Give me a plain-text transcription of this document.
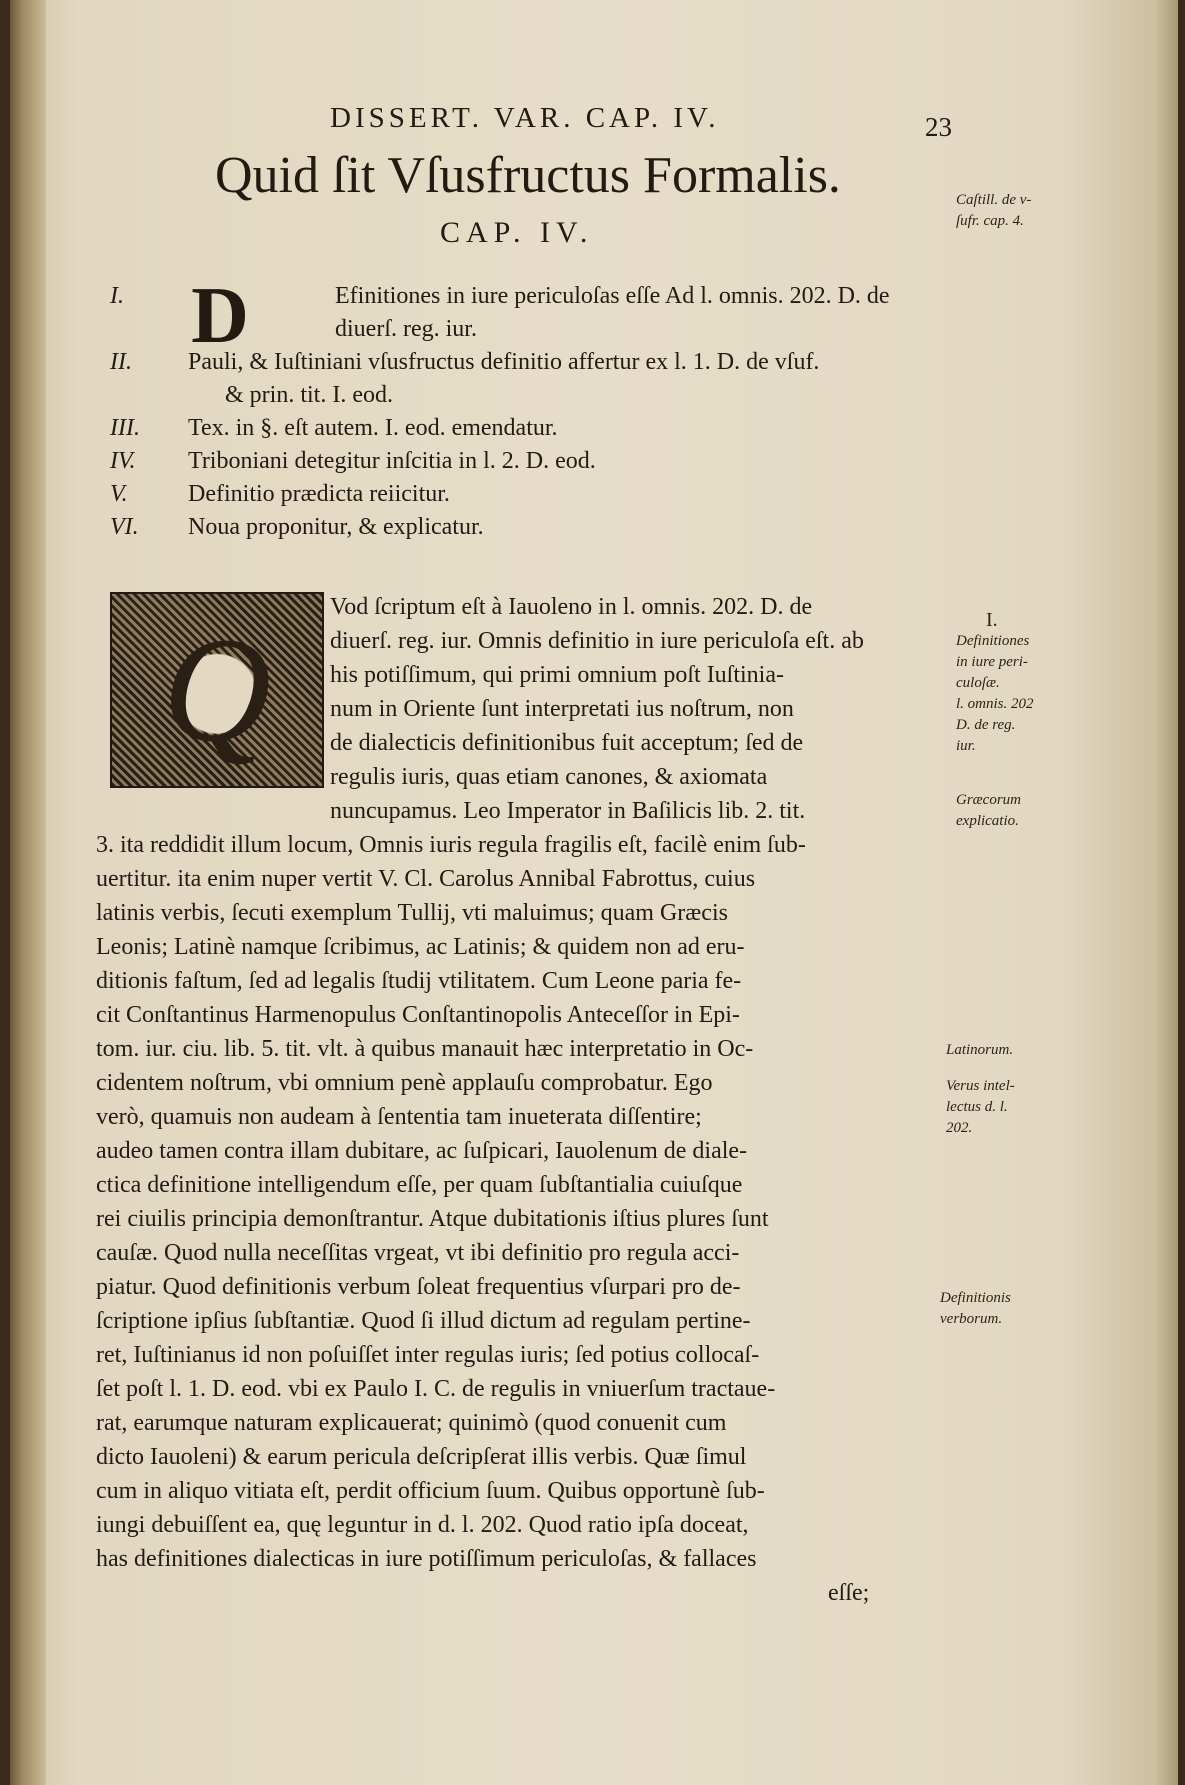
DISSERT. VAR. CAP. IV.	23
Quid ſit Vſusfructus Formalis.
CAP. IV.
Caſtill. de v-
ſufr. cap. 4.
D
I.	Efinitiones in iure periculoſas eſſe Ad l. omnis. 202. D. de
diuerſ. reg. iur.
II.	Pauli, & Iuſtiniani vſusfructus definitio affertur ex l. 1. D. de vſuf.
& prin. tit. I. eod.
III.	Tex. in §. eſt autem. I. eod. emendatur.
IV.	Triboniani detegitur inſcitia in l. 2. D. eod.
V.	Definitio prædicta reiicitur.
VI.	Noua proponitur, & explicatur.
Q	Vod ſcriptum eſt à Iauoleno in l. omnis. 202. D. de
diuerſ. reg. iur. Omnis definitio in iure periculoſa eſt. ab
his potiſſimum, qui primi omnium poſt Iuſtinia-
num in Oriente ſunt interpretati ius noſtrum, non
de dialecticis definitionibus fuit acceptum; ſed de
regulis iuris, quas etiam canones, & axiomata
nuncupamus. Leo Imperator in Baſilicis lib. 2. tit.
3. ita reddidit illum locum, Omnis iuris regula fragilis eſt, facilè enim ſub-
uertitur. ita enim nuper vertit V. Cl. Carolus Annibal Fabrottus, cuius
latinis verbis, ſecuti exemplum Tullij, vti maluimus; quam Græcis
Leonis; Latinè namque ſcribimus, ac Latinis; & quidem non ad eru-
ditionis faſtum, ſed ad legalis ſtudij vtilitatem. Cum Leone paria fe-
cit Conſtantinus Harmenopulus Conſtantinopolis Anteceſſor in Epi-
tom. iur. ciu. lib. 5. tit. vlt. à quibus manauit hæc interpretatio in Oc-
cidentem noſtrum, vbi omnium penè applauſu comprobatur. Ego
verò, quamuis non audeam à ſententia tam inueterata diſſentire;
audeo tamen contra illam dubitare, ac ſuſpicari, Iauolenum de diale-
ctica definitione intelligendum eſſe, per quam ſubſtantialia cuiuſque
rei ciuilis principia demonſtrantur. Atque dubitationis iſtius plures ſunt
cauſæ. Quod nulla neceſſitas vrgeat, vt ibi definitio pro regula acci-
piatur. Quod definitionis verbum ſoleat frequentius vſurpari pro de-
ſcriptione ipſius ſubſtantiæ. Quod ſi illud dictum ad regulam pertine-
ret, Iuſtinianus id non poſuiſſet inter regulas iuris; ſed potius collocaſ-
ſet poſt l. 1. D. eod. vbi ex Paulo I. C. de regulis in vniuerſum tractaue-
rat, earumque naturam explicauerat; quinimò (quod conuenit cum
dicto Iauoleni) & earum pericula deſcripſerat illis verbis. Quæ ſimul
cum in aliquo vitiata eſt, perdit officium ſuum. Quibus opportunè ſub-
iungi debuiſſent ea, quę leguntur in d. l. 202. Quod ratio ipſa doceat,
has definitiones dialecticas in iure potiſſimum periculoſas, & fallaces
eſſe;
I.
Definitiones
in iure peri-
culoſæ.
l. omnis. 202
D. de reg.
iur.
Græcorum
explicatio.
Latinorum.
Verus intel-
lectus d. l.
202.
Definitionis
verborum.
